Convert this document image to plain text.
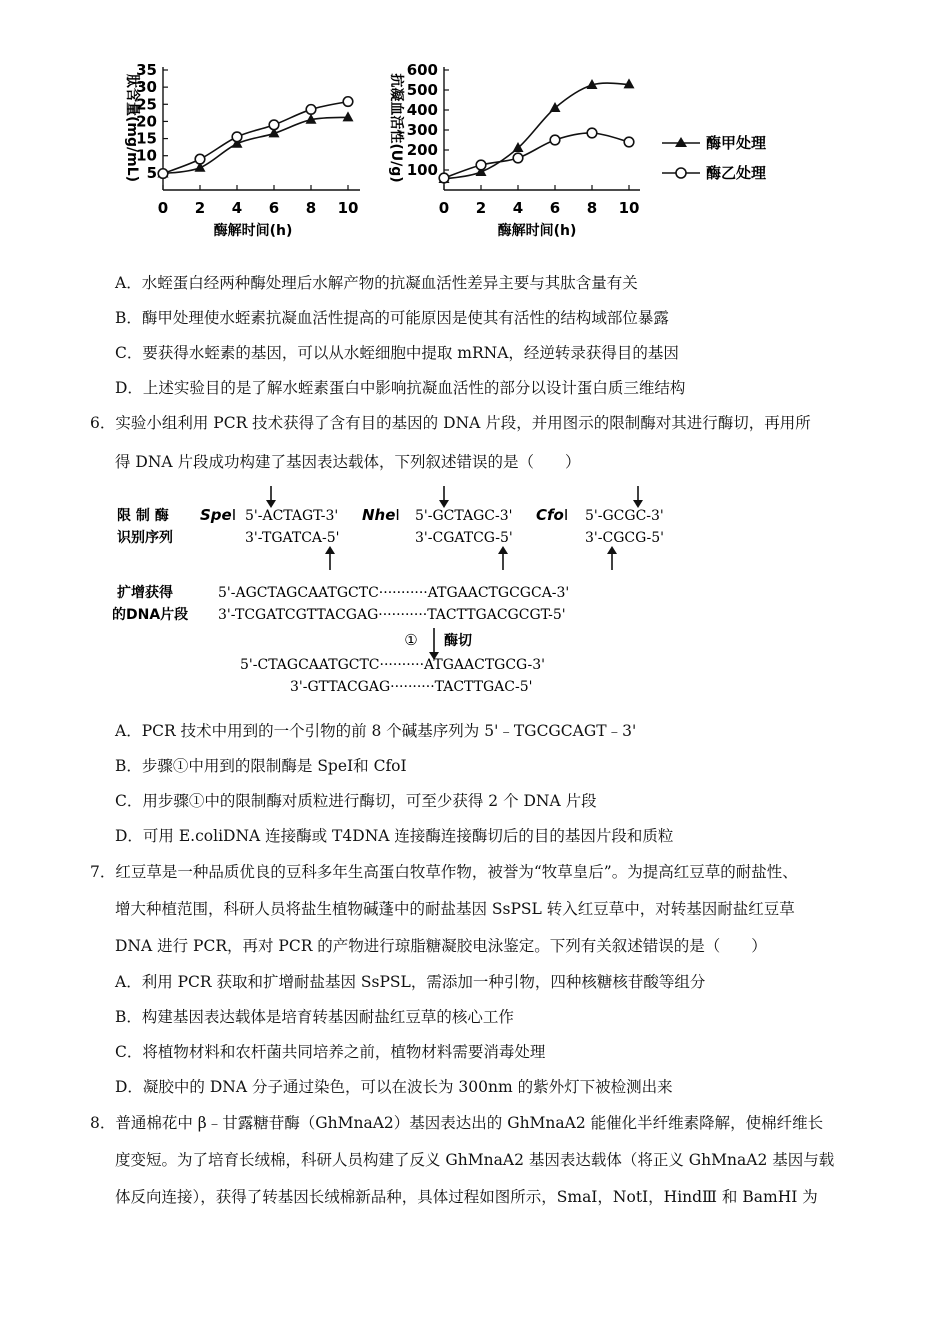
肽含量(mg/mL)
酶解时间(h)
5
10
15
20
25
30
35
0 2 4 6 8 10
抗凝血活性(U/g)
酶解时间(h)
100
200
300
400
500
600
0 2 4 6 8 10
酶甲处理
酶乙处理
A．水蛭蛋白经两种酶处理后水解产物的抗凝血活性差异主要与其肽含量有关
B．酶甲处理使水蛭素抗凝血活性提高的可能原因是使其有活性的结构域部位暴露
C．要获得水蛭素的基因，可以从水蛭细胞中提取 mRNA，经逆转录获得目的基因
D．上述实验目的是了解水蛭素蛋白中影响抗凝血活性的部分以设计蛋白质三维结构
6．实验小组利用 PCR 技术获得了含有目的基因的 DNA 片段，并用图示的限制酶对其进行酶切，再用所
得 DNA 片段成功构建了基因表达载体，下列叙述错误的是（　　）
限 制 酶
识别序列
SpeⅠ 5'-ACTAGT-3'
3'-TGATCA-5'
NheⅠ 5'-GCTAGC-3'
3'-CGATCG-5'
CfoⅠ 5'-GCGC-3'
3'-CGCG-5'
扩增获得
的DNA片段
5'-AGCTAGCAATGCTC···········ATGAACTGCGCA-3'
3'-TCGATCGTTACGAG···········TACTTGACGCGT-5'
① 酶切
5'-CTAGCAATGCTC··········ATGAACTGCG-3'
3'-GTTACGAG··········TACTTGAC-5'
A．PCR 技术中用到的一个引物的前 8 个碱基序列为 5'﹣TGCGCAGT﹣3'
B．步骤①中用到的限制酶是 SpeⅠ和 CfoⅠ
C．用步骤①中的限制酶对质粒进行酶切，可至少获得 2 个 DNA 片段
D．可用 E.coliDNA 连接酶或 T4DNA 连接酶连接酶切后的目的基因片段和质粒
7．红豆草是一种品质优良的豆科多年生高蛋白牧草作物，被誉为“牧草皇后”。为提高红豆草的耐盐性、
增大种植范围，科研人员将盐生植物碱蓬中的耐盐基因 SsPSL 转入红豆草中，对转基因耐盐红豆草
DNA 进行 PCR，再对 PCR 的产物进行琼脂糖凝胶电泳鉴定。下列有关叙述错误的是（　　）
A．利用 PCR 获取和扩增耐盐基因 SsPSL，需添加一种引物，四种核糖核苷酸等组分
B．构建基因表达载体是培育转基因耐盐红豆草的核心工作
C．将植物材料和农杆菌共同培养之前，植物材料需要消毒处理
D．凝胶中的 DNA 分子通过染色，可以在波长为 300nm 的紫外灯下被检测出来
8．普通棉花中 β﹣甘露糖苷酶（GhMnaA2）基因表达出的 GhMnaA2 能催化半纤维素降解，使棉纤维长
度变短。为了培育长绒棉，科研人员构建了反义 GhMnaA2 基因表达载体（将正义 GhMnaA2 基因与载
体反向连接），获得了转基因长绒棉新品种，具体过程如图所示，SmaⅠ，NotⅠ，HindⅢ 和 BamHⅠ 为
